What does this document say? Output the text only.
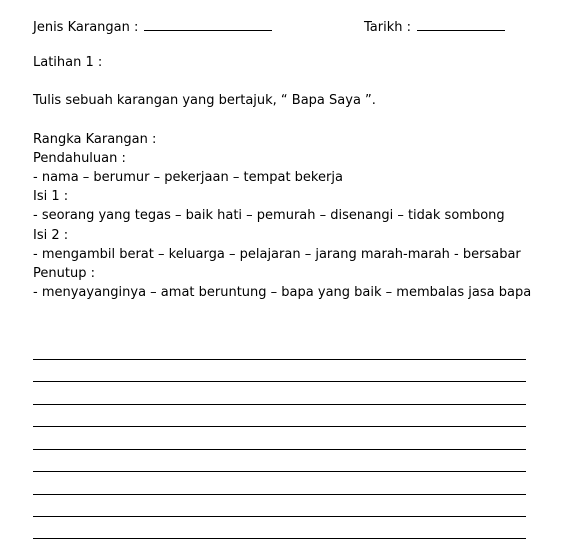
Jenis Karangan :	Tarikh :
Latihan 1 :
Tulis sebuah karangan yang bertajuk, “ Bapa Saya ”.
Rangka Karangan :
Pendahuluan :
- nama – berumur – pekerjaan – tempat bekerja
Isi 1 :
- seorang yang tegas – baik hati – pemurah – disenangi – tidak sombong
Isi 2 :
- mengambil berat – keluarga – pelajaran – jarang marah-marah - bersabar
Penutup :
- menyayanginya – amat beruntung – bapa yang baik – membalas jasa bapa
